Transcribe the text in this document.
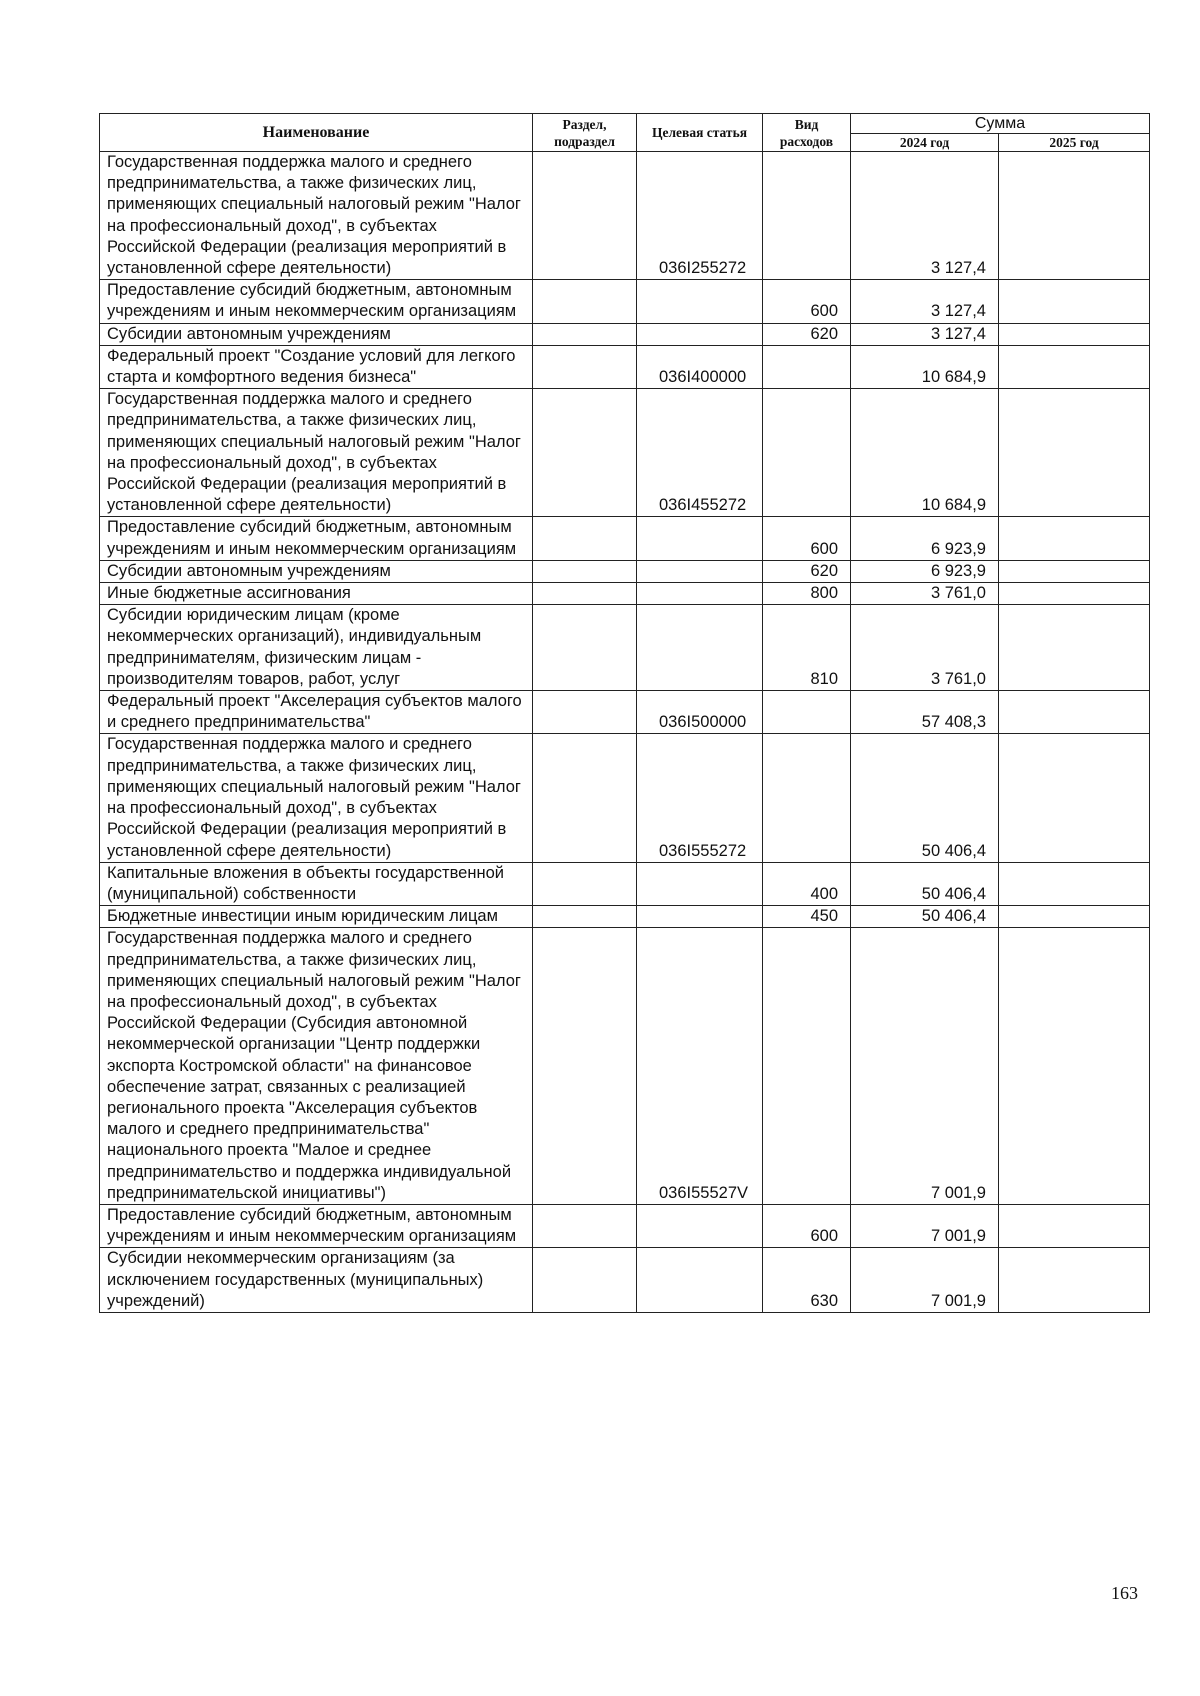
Наименование	Раздел, подраздел	Целевая статья	Вид расходов	Сумма	
				2024 год	2025 год
Государственная поддержка малого и среднего предпринимательства, а также физических лиц, применяющих специальный налоговый режим "Налог на профессиональный доход", в субъектах Российской Федерации (реализация мероприятий в установленной сфере деятельности)		036I255272		3 127,4	
Предоставление субсидий бюджетным, автономным учреждениям и иным некоммерческим организациям			600	3 127,4	
Субсидии автономным учреждениям			620	3 127,4	
Федеральный проект "Создание условий для легкого старта и комфортного ведения бизнеса"		036I400000		10 684,9	
Государственная поддержка малого и среднего предпринимательства, а также физических лиц, применяющих специальный налоговый режим "Налог на профессиональный доход", в субъектах Российской Федерации (реализация мероприятий в установленной сфере деятельности)		036I455272		10 684,9	
Предоставление субсидий бюджетным, автономным учреждениям и иным некоммерческим организациям			600	6 923,9	
Субсидии автономным учреждениям			620	6 923,9	
Иные бюджетные ассигнования			800	3 761,0	
Субсидии юридическим лицам (кроме некоммерческих организаций), индивидуальным предпринимателям, физическим лицам - производителям товаров, работ, услуг			810	3 761,0	
Федеральный проект "Акселерация субъектов малого и среднего предпринимательства"		036I500000		57 408,3	
Государственная поддержка малого и среднего предпринимательства, а также физических лиц, применяющих специальный налоговый режим "Налог на профессиональный доход", в субъектах Российской Федерации (реализация мероприятий в установленной сфере деятельности)		036I555272		50 406,4	
Капитальные вложения в объекты государственной (муниципальной) собственности			400	50 406,4	
Бюджетные инвестиции иным юридическим лицам			450	50 406,4	
Государственная поддержка малого и среднего предпринимательства, а также физических лиц, применяющих специальный налоговый режим "Налог на профессиональный доход", в субъектах Российской Федерации (Субсидия автономной некоммерческой организации "Центр поддержки экспорта Костромской области" на финансовое обеспечение затрат, связанных с реализацией регионального проекта "Акселерация субъектов малого и среднего предпринимательства" национального проекта "Малое и среднее предпринимательство и поддержка индивидуальной предпринимательской инициативы")		036I55527V		7 001,9	
Предоставление субсидий бюджетным, автономным учреждениям и иным некоммерческим организациям			600	7 001,9	
Субсидии некоммерческим организациям (за исключением государственных (муниципальных) учреждений)			630	7 001,9	
163
